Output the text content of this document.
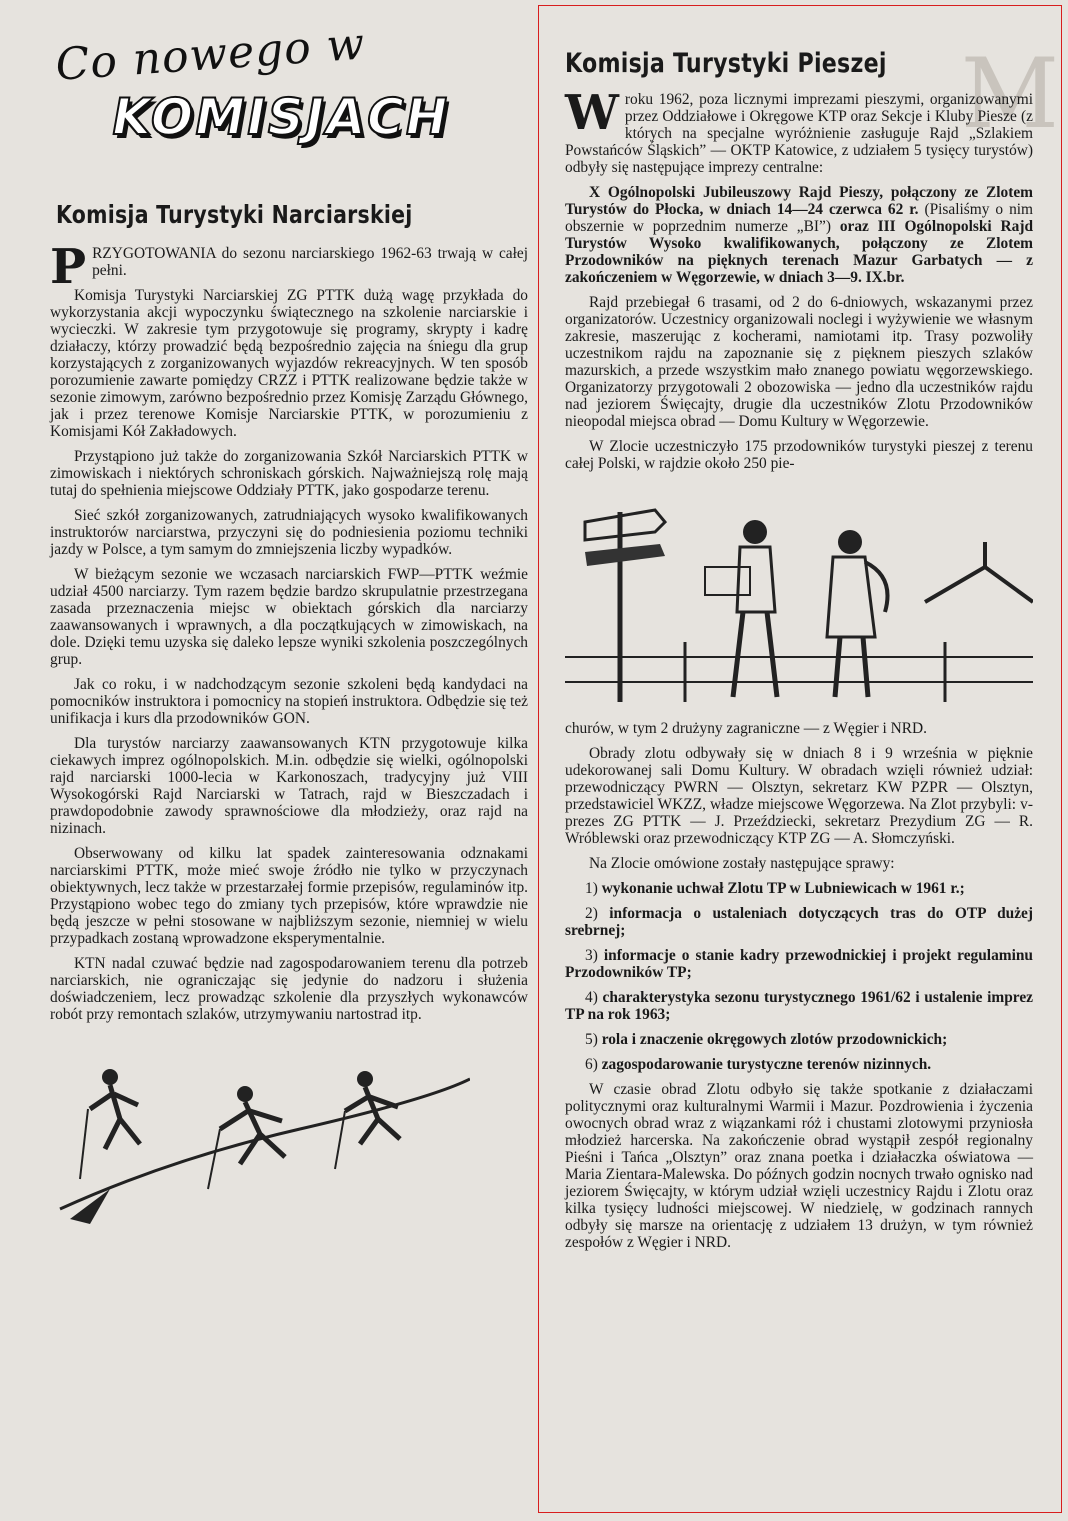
Co nowego w
KOMISJACH
Komisja Turystyki Narciarskiej

PRZYGOTOWANIA do sezonu narciarskiego 1962-63 trwają w całej pełni.

Komisja Turystyki Narciarskiej ZG PTTK dużą wagę przykłada do wykorzystania akcji wypoczynku świątecznego na szkolenie narciarskie i wycieczki. W zakresie tym przygotowuje się programy, skrypty i kadrę działaczy, którzy prowadzić będą bezpośrednio zajęcia na śniegu dla grup korzystających z zorganizowanych wyjazdów rekreacyjnych. W ten sposób porozumienie zawarte pomiędzy CRZZ i PTTK realizowane będzie także w sezonie zimowym, zarówno bezpośrednio przez Komisję Zarządu Głównego, jak i przez terenowe Komisje Narciarskie PTTK, w porozumieniu z Komisjami Kół Zakładowych.

Przystąpiono już także do zorganizowania Szkół Narciarskich PTTK w zimowiskach i niektórych schroniskach górskich. Najważniejszą rolę mają tutaj do spełnienia miejscowe Oddziały PTTK, jako gospodarze terenu.

Sieć szkół zorganizowanych, zatrudniających wysoko kwalifikowanych instruktorów narciarstwa, przyczyni się do podniesienia poziomu techniki jazdy w Polsce, a tym samym do zmniejszenia liczby wypadków.

W bieżącym sezonie we wczasach narciarskich FWP—PTTK weźmie udział 4500 narciarzy. Tym razem będzie bardzo skrupulatnie przestrzegana zasada przeznaczenia miejsc w obiektach górskich dla narciarzy zaawansowanych i wprawnych, a dla początkujących w zimowiskach, na dole. Dzięki temu uzyska się daleko lepsze wyniki szkolenia poszczególnych grup.

Jak co roku, i w nadchodzącym sezonie szkoleni będą kandydaci na pomocników instruktora i pomocnicy na stopień instruktora. Odbędzie się też unifikacja i kurs dla przodowników GON.

Dla turystów narciarzy zaawansowanych KTN przygotowuje kilka ciekawych imprez ogólnopolskich. M.in. odbędzie się wielki, ogólnopolski rajd narciarski 1000-lecia w Karkonoszach, tradycyjny już VIII Wysokogórski Rajd Narciarski w Tatrach, rajd w Bieszczadach i prawdopodobnie zawody sprawnościowe dla młodzieży, oraz rajd na nizinach.

Obserwowany od kilku lat spadek zainteresowania odznakami narciarskimi PTTK, może mieć swoje źródło nie tylko w przyczynach obiektywnych, lecz także w przestarzałej formie przepisów, regulaminów itp. Przystąpiono wobec tego do zmiany tych przepisów, które wprawdzie nie będą jeszcze w pełni stosowane w najbliższym sezonie, niemniej w wielu przypadkach zostaną wprowadzone eksperymentalnie.

KTN nadal czuwać będzie nad zagospodarowaniem terenu dla potrzeb narciarskich, nie ograniczając się jedynie do nadzoru i służenia doświadczeniem, lecz prowadząc szkolenie dla przyszłych wykonawców robót przy remontach szlaków, utrzymywaniu nartostrad itp.

M
Komisja Turystyki Pieszej

Wroku 1962, poza licznymi imprezami pieszymi, organizowanymi przez Oddziałowe i Okręgowe KTP oraz Sekcje i Kluby Piesze (z których na specjalne wyróżnienie zasługuje Rajd „Szlakiem Powstańców Śląskich” — OKTP Katowice, z udziałem 5 tysięcy turystów) odbyły się następujące imprezy centralne:

X Ogólnopolski Jubileuszowy Rajd Pieszy, połączony ze Zlotem Turystów do Płocka, w dniach 14—24 czerwca 62 r. (Pisaliśmy o nim obszernie w poprzednim numerze „BI”) oraz III Ogólnopolski Rajd Turystów Wysoko kwalifikowanych, połączony ze Zlotem Przodowników na pięknych terenach Mazur Garbatych — z zakończeniem w Węgorzewie, w dniach 3—9. IX.br.

Rajd przebiegał 6 trasami, od 2 do 6-dniowych, wskazanymi przez organizatorów. Uczestnicy organizowali noclegi i wyżywienie we własnym zakresie, maszerując z kocherami, namiotami itp. Trasy pozwoliły uczestnikom rajdu na zapoznanie się z pięknem pieszych szlaków mazurskich, a przede wszystkim mało znanego powiatu węgorzewskiego. Organizatorzy przygotowali 2 obozowiska — jedno dla uczestników rajdu nad jeziorem Święcajty, drugie dla uczestników Zlotu Przodowników nieopodal miejsca obrad — Domu Kultury w Węgorzewie.

W Zlocie uczestniczyło 175 przodowników turystyki pieszej z terenu całej Polski, w rajdzie około 250 pie-

churów, w tym 2 drużyny zagraniczne — z Węgier i NRD.

Obrady zlotu odbywały się w dniach 8 i 9 września w pięknie udekorowanej sali Domu Kultury. W obradach wzięli również udział: przewodniczący PWRN — Olsztyn, sekretarz KW PZPR — Olsztyn, przedstawiciel WKZZ, władze miejscowe Węgorzewa. Na Zlot przybyli: v-prezes ZG PTTK — J. Przeździecki, sekretarz Prezydium ZG — R. Wróblewski oraz przewodniczący KTP ZG — A. Słomczyński.

Na Zlocie omówione zostały następujące sprawy:

1) wykonanie uchwał Zlotu TP w Lubniewicach w 1961 r.;

2) informacja o ustaleniach dotyczących tras do OTP dużej srebrnej;

3) informacje o stanie kadry przewodnickiej i projekt regulaminu Przodowników TP;

4) charakterystyka sezonu turystycznego 1961/62 i ustalenie imprez TP na rok 1963;

5) rola i znaczenie okręgowych zlotów przodownickich;

6) zagospodarowanie turystyczne terenów nizinnych.

W czasie obrad Zlotu odbyło się także spotkanie z działaczami politycznymi oraz kulturalnymi Warmii i Mazur. Pozdrowienia i życzenia owocnych obrad wraz z wiązankami róż i chustami zlotowymi przyniosła młodzież harcerska. Na zakończenie obrad wystąpił zespół regionalny Pieśni i Tańca „Olsztyn” oraz znana poetka i działaczka oświatowa — Maria Zientara-Malewska. Do późnych godzin nocnych trwało ognisko nad jeziorem Święcajty, w którym udział wzięli uczestnicy Rajdu i Zlotu oraz kilka tysięcy ludności miejscowej. W niedzielę, w godzinach rannych odbyły się marsze na orientację z udziałem 13 drużyn, w tym również zespołów z Węgier i NRD.
